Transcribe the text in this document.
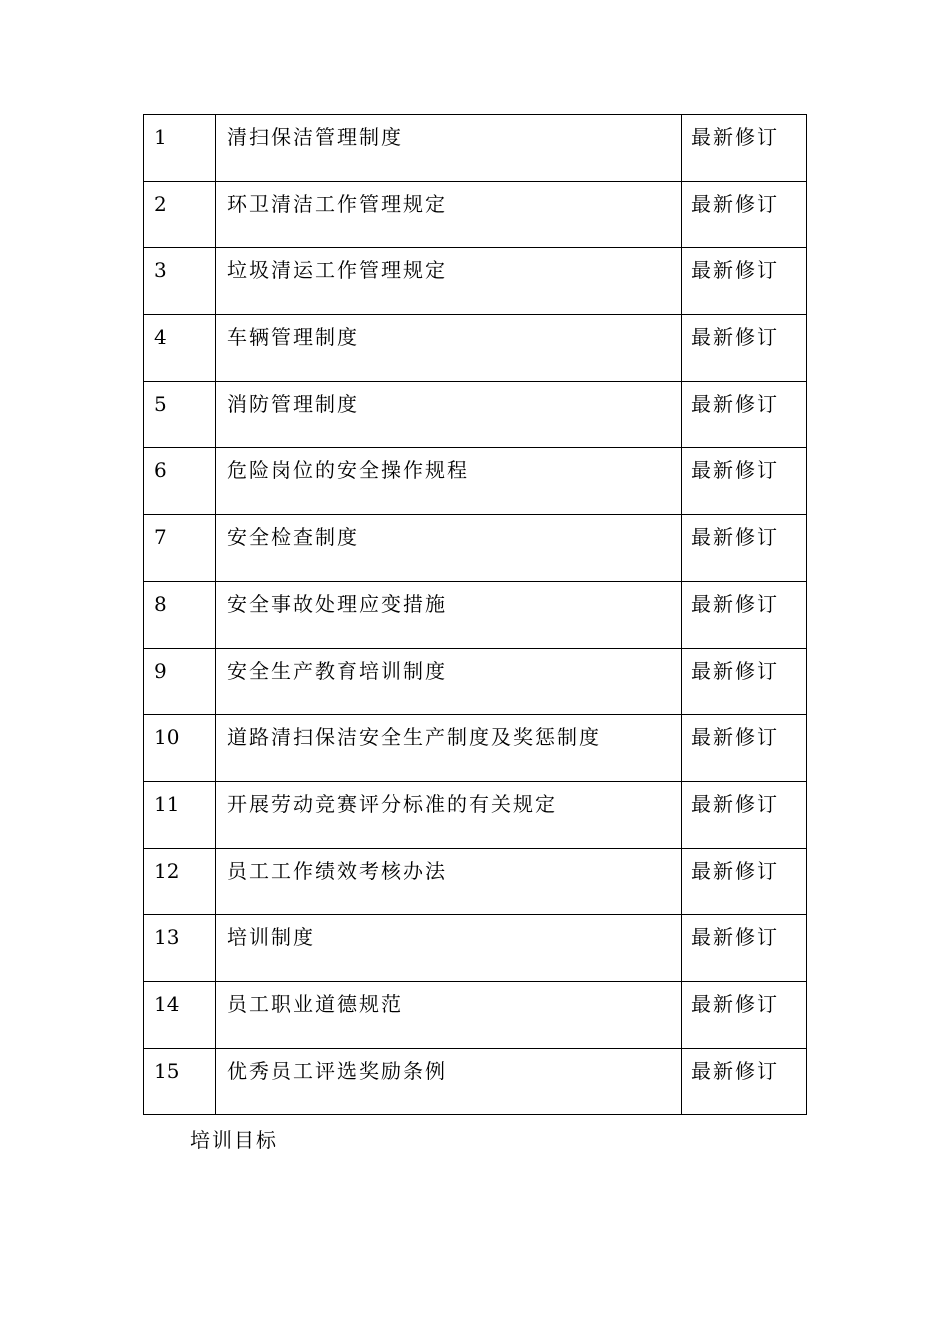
1	清扫保洁管理制度	最新修订

2	环卫清洁工作管理规定	最新修订

3	垃圾清运工作管理规定	最新修订

4	车辆管理制度	最新修订

5	消防管理制度	最新修订

6	危险岗位的安全操作规程	最新修订

7	安全检查制度	最新修订

8	安全事故处理应变措施	最新修订

9	安全生产教育培训制度	最新修订

10	道路清扫保洁安全生产制度及奖惩制度	最新修订

11	开展劳动竞赛评分标准的有关规定	最新修订

12	员工工作绩效考核办法	最新修订

13	培训制度	最新修订

14	员工职业道德规范	最新修订

15	优秀员工评选奖励条例	最新修订

培训目标
